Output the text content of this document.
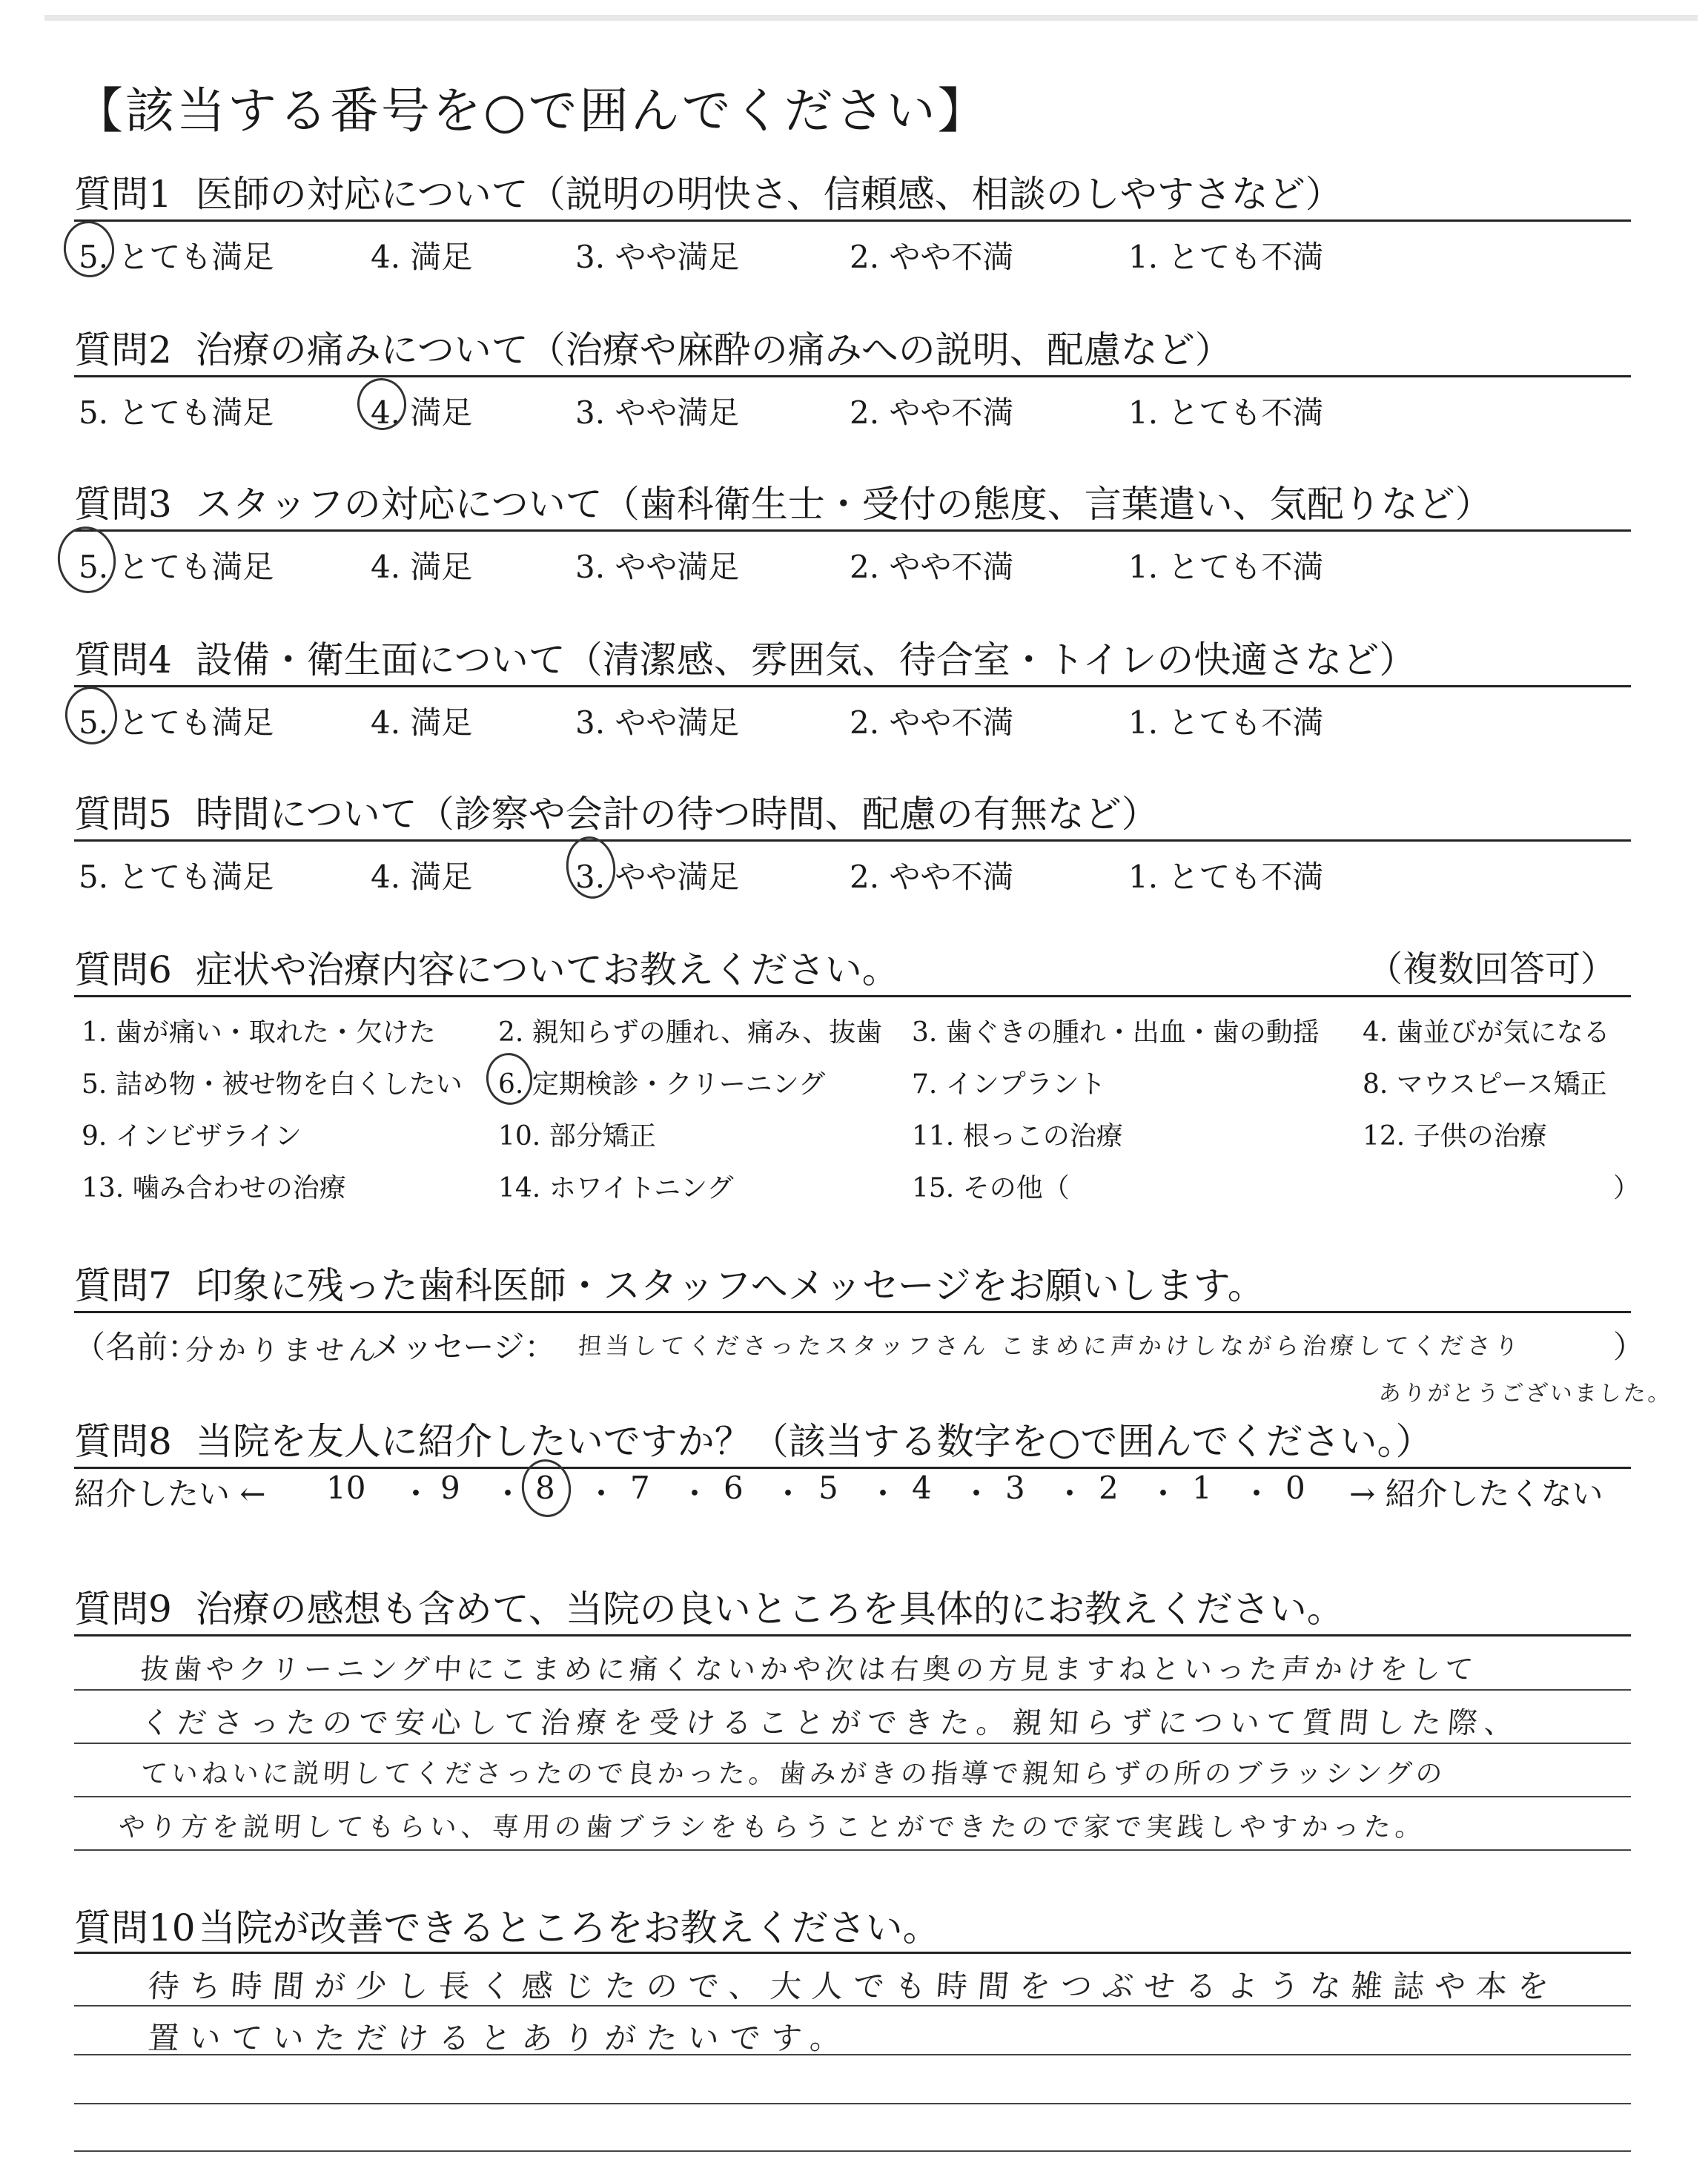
【該当する番号を○で囲んでください】
質問1 医師の対応について（説明の明快さ、信頼感、相談のしやすさなど）
5. とても満足	4. 満足	3. やや満足	2. やや不満	1. とても不満
質問2 治療の痛みについて（治療や麻酔の痛みへの説明、配慮など）
5. とても満足	4. 満足	3. やや満足	2. やや不満	1. とても不満
質問3 スタッフの対応について（歯科衛生士・受付の態度、言葉遣い、気配りなど）
5. とても満足	4. 満足	3. やや満足	2. やや不満	1. とても不満
質問4 設備・衛生面について（清潔感、雰囲気、待合室・トイレの快適さなど）
5. とても満足	4. 満足	3. やや満足	2. やや不満	1. とても不満
質問5 時間について（診察や会計の待つ時間、配慮の有無など）
5. とても満足	4. 満足	3. やや満足	2. やや不満	1. とても不満
質問6 症状や治療内容についてお教えください。	（複数回答可）
1. 歯が痛い・取れた・欠けた 2. 親知らずの腫れ、痛み、抜歯 3. 歯ぐきの腫れ・出血・歯の動揺 4. 歯並びが気になる
5. 詰め物・被せ物を白くしたい 6. 定期検診・クリーニング	7. インプラント	8. マウスピース矯正
9. インビザライン	10. 部分矯正	11. 根っこの治療	12. 子供の治療
13. 噛み合わせの治療	14. ホワイトニング	15. その他（	）
質問7 印象に残った歯科医師・スタッフへメッセージをお願いします。
（名前：
分かりません
メッセージ： 担当してくださったスタッフさん こまめに声かけしながら治療してくださり	）
ありがとうございました。
質問8 当院を友人に紹介したいですか？（該当する数字を○で囲んでください。）
紹介したい ← 10 ・ 9 ・ 8 ・ 7 ・ 6 ・ 5 ・ 4 ・ 3 ・ 2 ・ 1 ・ 0 → 紹介したくない
質問9 治療の感想も含めて、当院の良いところを具体的にお教えください。
抜歯やクリーニング中にこまめに痛くないかや次は右奥の方見ますねといった声かけをして
くださったので安心して治療を受けることができた。親知らずについて質問した際、
ていねいに説明してくださったので良かった。歯みがきの指導で親知らずの所のブラッシングの
やり方を説明してもらい、専用の歯ブラシをもらうことができたので家で実践しやすかった。
質問10当院が改善できるところをお教えください。
待ち時間が少し長く感じたので、大人でも時間をつぶせるような雑誌や本を
置いていただけるとありがたいです。
